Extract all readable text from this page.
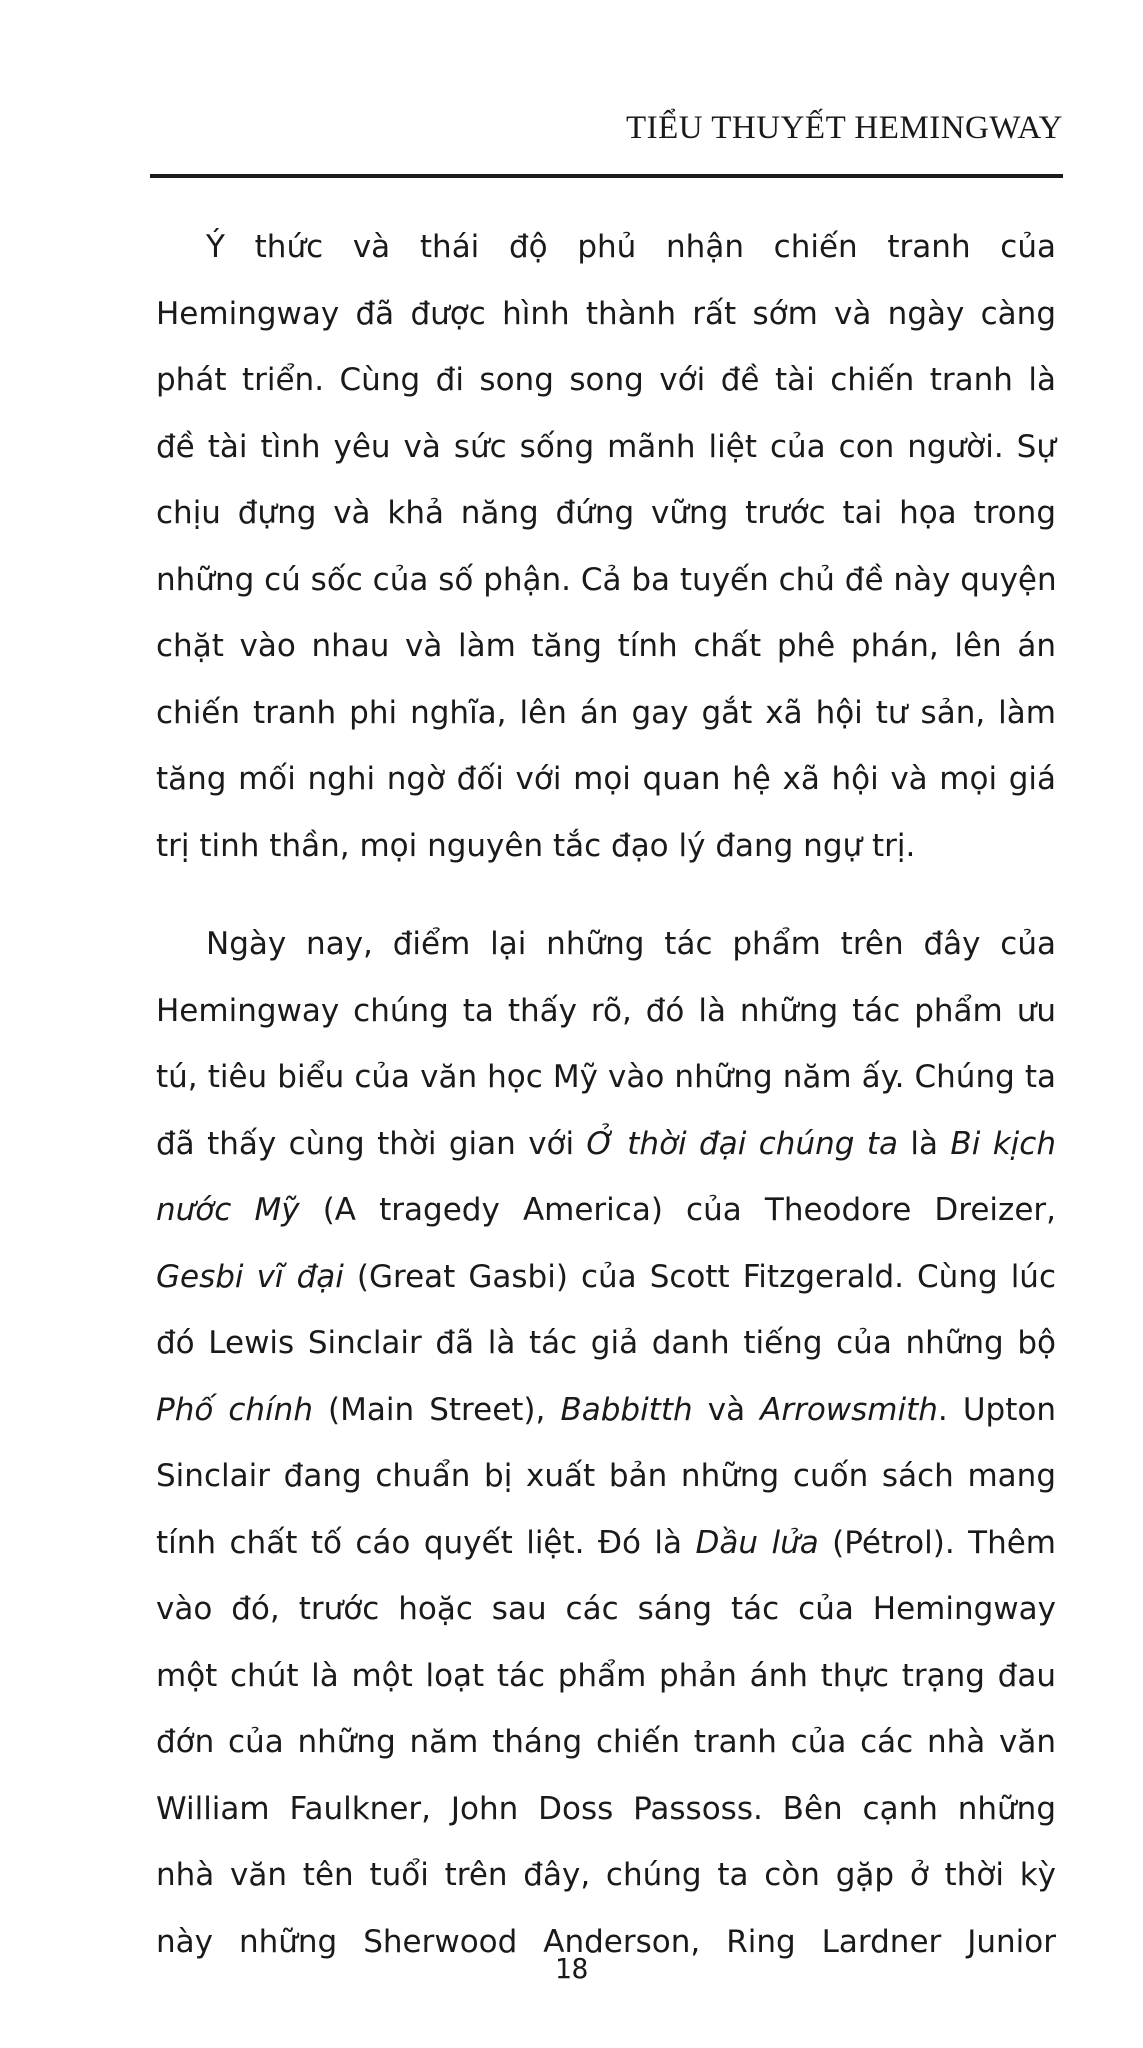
TIỂU THUYẾT HEMINGWAY
Ý thức và thái độ phủ nhận chiến tranh của
Hemingway đã được hình thành rất sớm và ngày càng
phát triển. Cùng đi song song với đề tài chiến tranh là
đề tài tình yêu và sức sống mãnh liệt của con người. Sự
chịu đựng và khả năng đứng vững trước tai họa trong
những cú sốc của số phận. Cả ba tuyến chủ đề này quyện
chặt vào nhau và làm tăng tính chất phê phán, lên án
chiến tranh phi nghĩa, lên án gay gắt xã hội tư sản, làm
tăng mối nghi ngờ đối với mọi quan hệ xã hội và mọi giá
trị tinh thần, mọi nguyên tắc đạo lý đang ngự trị.
Ngày nay, điểm lại những tác phẩm trên đây của
Hemingway chúng ta thấy rõ, đó là những tác phẩm ưu
tú, tiêu biểu của văn học Mỹ vào những năm ấy. Chúng ta
đã thấy cùng thời gian với Ở thời đại chúng ta là Bi kịch
nước Mỹ (A tragedy America) của Theodore Dreizer,
Gesbi vĩ đại (Great Gasbi) của Scott Fitzgerald. Cùng lúc
đó Lewis Sinclair đã là tác giả danh tiếng của những bộ
Phố chính (Main Street), Babbitth và Arrowsmith. Upton
Sinclair đang chuẩn bị xuất bản những cuốn sách mang
tính chất tố cáo quyết liệt. Đó là Dầu lửa (Pétrol). Thêm
vào đó, trước hoặc sau các sáng tác của Hemingway
một chút là một loạt tác phẩm phản ánh thực trạng đau
đớn của những năm tháng chiến tranh của các nhà văn
William Faulkner, John Doss Passoss. Bên cạnh những
nhà văn tên tuổi trên đây, chúng ta còn gặp ở thời kỳ
này những Sherwood Anderson, Ring Lardner Junior
18
